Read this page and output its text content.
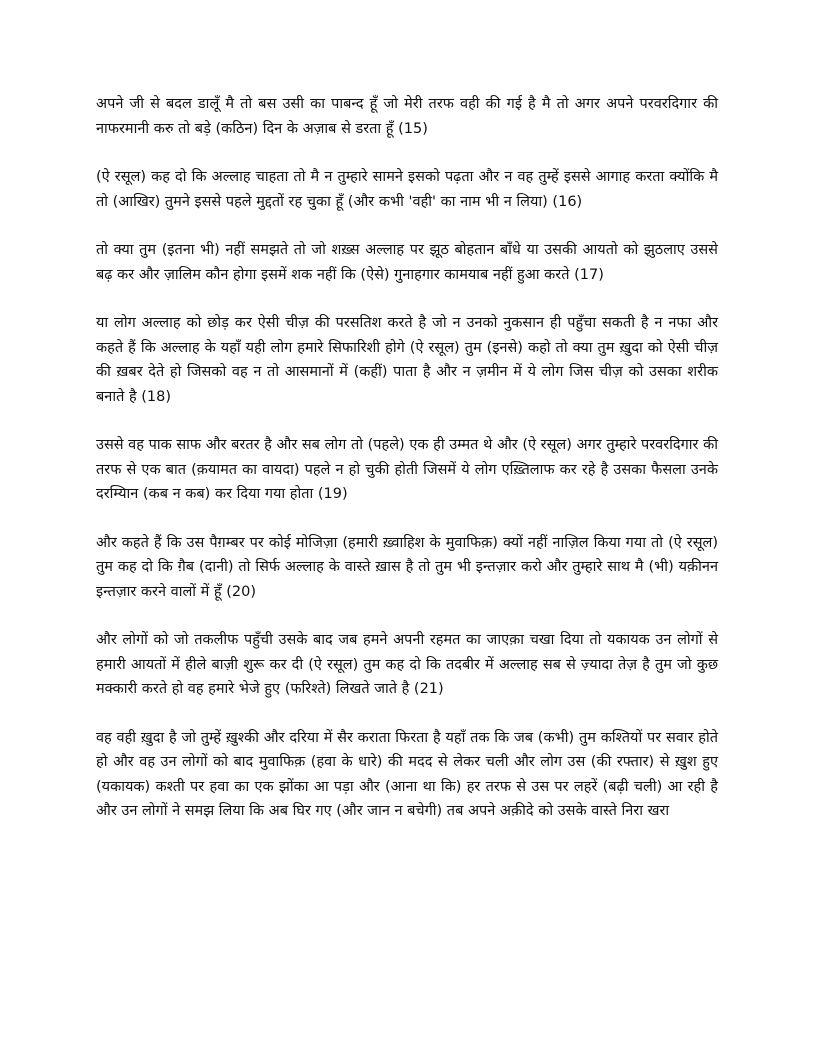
अपने जी से बदल डालूँ मै तो बस उसी का पाबन्द हूँ जो मेरी तरफ वही की गई है मै तो अगर अपने परवरदिगार की नाफरमानी करु तो बड़े (कठिन) दिन के अज़ाब से डरता हूँ (15)

(ऐ रसूल) कह दो कि अल्लाह चाहता तो मै न तुम्हारे सामने इसको पढ़ता और न वह तुम्हें इससे आगाह करता क्योंकि मै तो (आखिर) तुमने इससे पहले मुद्दतों रह चुका हूँ (और कभी 'वही' का नाम भी न लिया) (16)

तो क्या तुम (इतना भी) नहीं समझते तो जो शख़्स अल्लाह पर झूठ बोहतान बाँधे या उसकी आयतो को झुठलाए उससे बढ़ कर और ज़ालिम कौन होगा इसमें शक नहीं कि (ऐसे) गुनाहगार कामयाब नहीं हुआ करते (17)

या लोग अल्लाह को छोड़ कर ऐसी चीज़ की परसतिश करते है जो न उनको नुकसान ही पहुँचा सकती है न नफा और कहते हैं कि अल्लाह के यहाँ यही लोग हमारे सिफारिशी होगे (ऐ रसूल) तुम (इनसे) कहो तो क्या तुम ख़ुदा को ऐसी चीज़ की ख़बर देते हो जिसको वह न तो आसमानों में (कहीं) पाता है और न ज़मीन में ये लोग जिस चीज़ को उसका शरीक बनाते है (18)

उससे वह पाक साफ और बरतर है और सब लोग तो (पहले) एक ही उम्मत थे और (ऐ रसूल) अगर तुम्हारे परवरदिगार की तरफ से एक बात (क़यामत का वायदा) पहले न हो चुकी होती जिसमें ये लोग एख़्तिलाफ कर रहे है उसका फैसला उनके दरम्यिान (कब न कब) कर दिया गया होता (19)

और कहते हैं कि उस पैग़म्बर पर कोई मोजिज़ा (हमारी ख़्वाहिश के मुवाफिक़) क्यों नहीं नाज़िल किया गया तो (ऐ रसूल) तुम कह दो कि ग़ैब (दानी) तो सिर्फ अल्लाह के वास्ते ख़ास है तो तुम भी इन्तज़ार करो और तुम्हारे साथ मै (भी) यक़ीनन इन्तज़ार करने वालों में हूँ (20)

और लोगों को जो तकलीफ पहुँची उसके बाद जब हमने अपनी रहमत का जाएक़ा चखा दिया तो यकायक उन लोगों से हमारी आयतों में हीले बाज़ी शुरू कर दी (ऐ रसूल) तुम कह दो कि तदबीर में अल्लाह सब से ज़्यादा तेज़ है तुम जो कुछ मक्कारी करते हो वह हमारे भेजे हुए (फरिश्ते) लिखते जाते है (21)

वह वही ख़ुदा है जो तुम्हें ख़ुश्की और दरिया में सैर कराता फिरता है यहाँ तक कि जब (कभी) तुम कश्तियों पर सवार होते हो और वह उन लोगों को बाद मुवाफिक़ (हवा के धारे) की मदद से लेकर चली और लोग उस (की रफ्तार) से ख़ुश हुए (यकायक) कश्ती पर हवा का एक झोंका आ पड़ा और (आना था कि) हर तरफ से उस पर लहरें (बढ़ी चली) आ रही है और उन लोगों ने समझ लिया कि अब घिर गए (और जान न बचेगी) तब अपने अक़ीदे को उसके वास्ते निरा खरा
